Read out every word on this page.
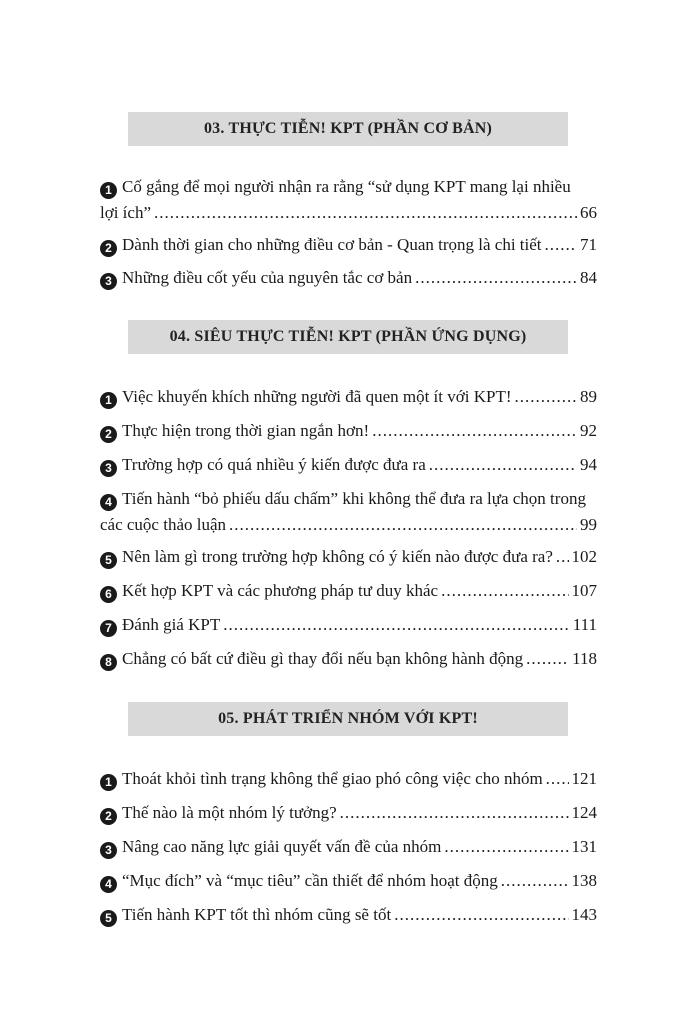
03. THỰC TIỄN! KPT (PHẦN CƠ BẢN)
1 Cố gắng để mọi người nhận ra rằng “sử dụng KPT mang lại nhiều
lợi ích” .....	66
2 Dành thời gian cho những điều cơ bản - Quan trọng là chi tiết ..... 71
3 Những điều cốt yếu của nguyên tắc cơ bản .....	84
04. SIÊU THỰC TIỄN! KPT (PHẦN ỨNG DỤNG)
1 Việc khuyến khích những người đã quen một ít với KPT! .....	89
2 Thực hiện trong thời gian ngắn hơn! .....	92
3 Trường hợp có quá nhiều ý kiến được đưa ra .....	94
4 Tiến hành “bỏ phiếu dấu chấm” khi không thể đưa ra lựa chọn trong
các cuộc thảo luận .....	99
5 Nên làm gì trong trường hợp không có ý kiến nào được đưa ra? ..... 102
6 Kết hợp KPT và các phương pháp tư duy khác .....	107
7 Đánh giá KPT .....	111
8 Chẳng có bất cứ điều gì thay đổi nếu bạn không hành động .....	118
05. PHÁT TRIỂN NHÓM VỚI KPT!
1 Thoát khỏi tình trạng không thể giao phó công việc cho nhóm ..... 121
2 Thế nào là một nhóm lý tưởng? .....	124
3 Nâng cao năng lực giải quyết vấn đề của nhóm .....	131
4 “Mục đích” và “mục tiêu” cần thiết để nhóm hoạt động .....	138
5 Tiến hành KPT tốt thì nhóm cũng sẽ tốt .....	143
